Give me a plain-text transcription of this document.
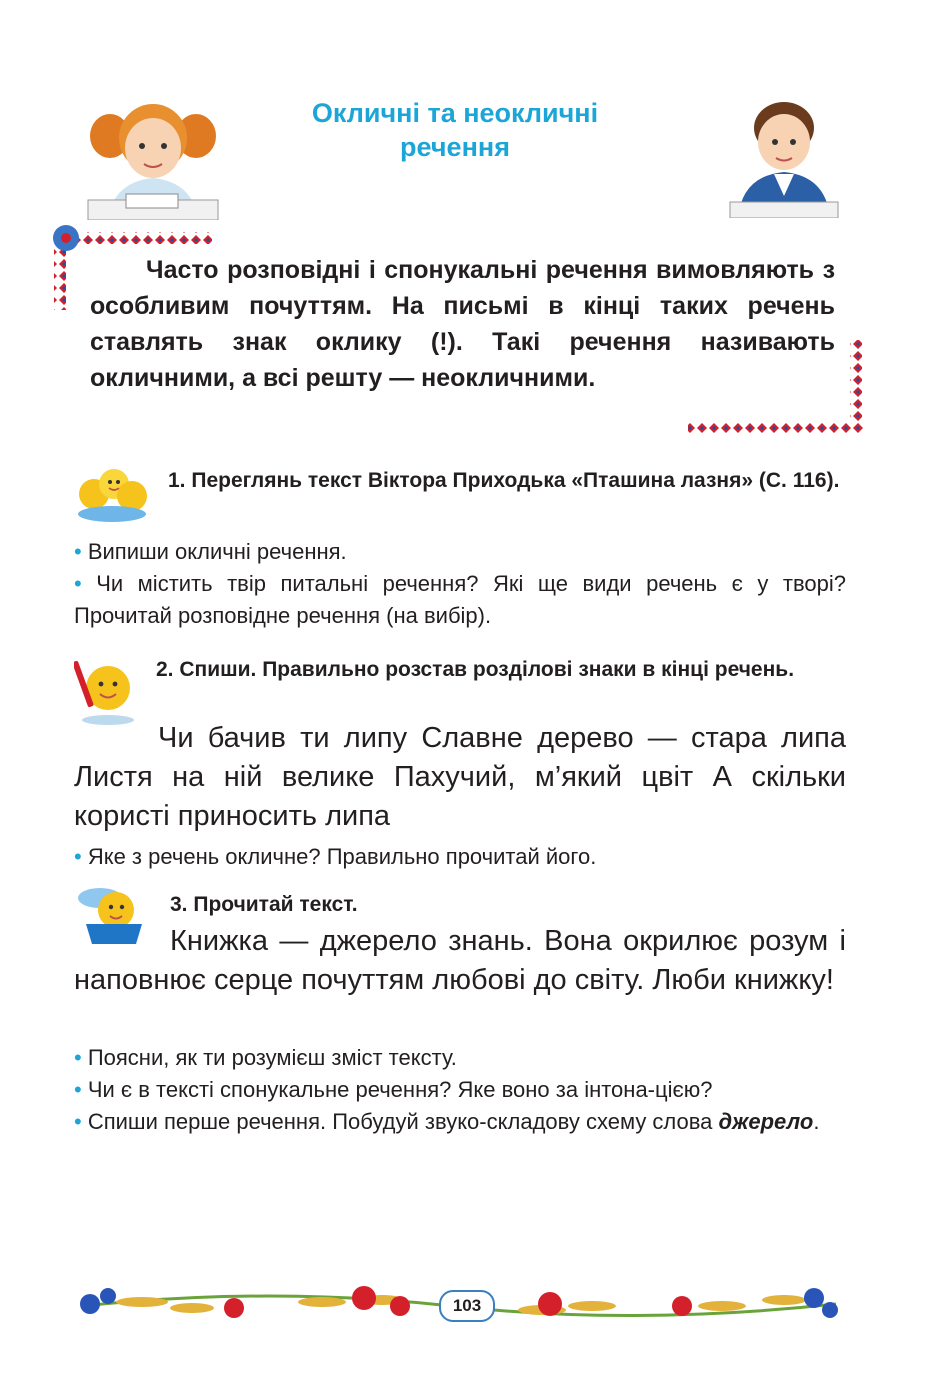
Окличні та неокличні
речення

Часто розповідні і спонукальні речення вимовляють з особливим почуттям. На письмі в кінці таких речень ставлять знак оклику (!). Такі речення називають окличними, а всі решту — неокличними.

1. Переглянь текст Віктора Приходька «Пташина лазня» (С. 116).
• Випиши окличні речення.
• Чи містить твір питальні речення? Які ще види речень є у творі? Прочитай розповідне речення (на вибір).
2. Спиши. Правильно розстав розділові знаки в кінці речень.

Чи бачив ти липу Славне дерево — стара липа Листя на ній велике Пахучий, м’який цвіт А скільки користі приносить липа

• Яке з речень окличне? Правильно прочитай його.
3. Прочитай текст.

Книжка — джерело знань. Вона окрилює розум і наповнює серце почуттям любові до світу. Люби книжку!

• Поясни, як ти розумієш зміст тексту.
• Чи є в тексті спонукальне речення? Яке воно за інтона-цією?
• Спиши перше речення. Побудуй звуко-складову схему слова джерело.
103
